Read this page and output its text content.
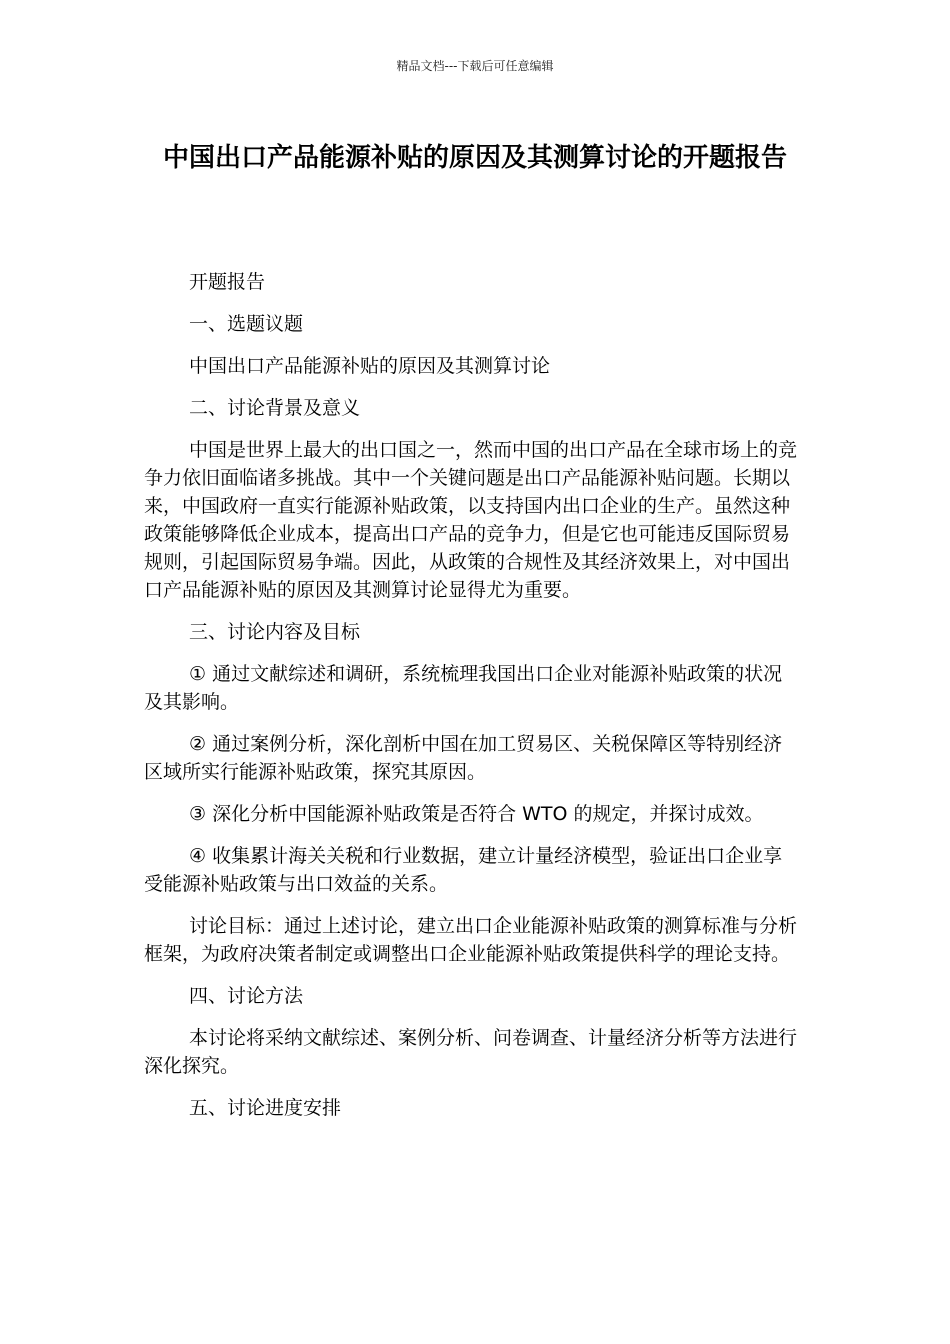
精品文档---下载后可任意编辑
中国出口产品能源补贴的原因及其测算讨论的开题报告

开题报告

一、选题议题

中国出口产品能源补贴的原因及其测算讨论

二、讨论背景及意义

中国是世界上最大的出口国之一，然而中国的出口产品在全球市场上的竞争力依旧面临诸多挑战。其中一个关键问题是出口产品能源补贴问题。长期以来，中国政府一直实行能源补贴政策，以支持国内出口企业的生产。虽然这种政策能够降低企业成本，提高出口产品的竞争力，但是它也可能违反国际贸易规则，引起国际贸易争端。因此，从政策的合规性及其经济效果上，对中国出口产品能源补贴的原因及其测算讨论显得尤为重要。

三、讨论内容及目标

① 通过文献综述和调研，系统梳理我国出口企业对能源补贴政策的状况及其影响。

② 通过案例分析，深化剖析中国在加工贸易区、关税保障区等特别经济区域所实行能源补贴政策，探究其原因。

③ 深化分析中国能源补贴政策是否符合 WTO 的规定，并探讨成效。

④ 收集累计海关关税和行业数据，建立计量经济模型，验证出口企业享受能源补贴政策与出口效益的关系。

讨论目标：通过上述讨论，建立出口企业能源补贴政策的测算标准与分析框架，为政府决策者制定或调整出口企业能源补贴政策提供科学的理论支持。

四、讨论方法

本讨论将采纳文献综述、案例分析、问卷调查、计量经济分析等方法进行深化探究。

五、讨论进度安排
